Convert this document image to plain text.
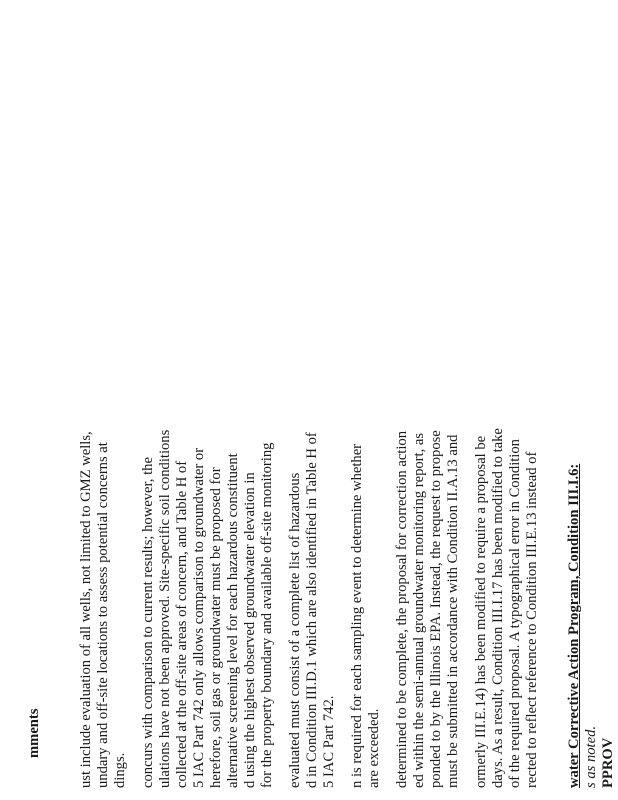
mments ust include evaluation of all wells, not limited to GMZ wells, undary and off-site locations to assess potential concerns at dings. concurs with comparison to current results; however, the ulations have not been approved. Site-specific soil conditions collected at the off-site areas of concern, and Table H of 5 IAC Part 742 only allows comparison to groundwater or herefore, soil gas or groundwater must be proposed for alternative screening level for each hazardous constituent d using the highest observed groundwater elevation in for the property boundary and available off-site monitoring evaluated must consist of a complete list of hazardous d in Condition III.D.1 which are also identified in Table H of 5 IAC Part 742. n is required for each sampling event to determine whether are exceeded. determined to be complete, the proposal for correction action ed within the semi-annual groundwater monitoring report, as ponded to by the Illinois EPA. Instead, the request to propose must be submitted in accordance with Condition II.A.13 and ormerly III.E.14) has been modified to require a proposal be days. As a result, Condition III.I.17 has been modified to take of the required proposal. A typographical error in Condition rected to reflect reference to Condition III.E.13 instead of water Corrective Action Program, Condition III.I.6: s as noted. PPROV
